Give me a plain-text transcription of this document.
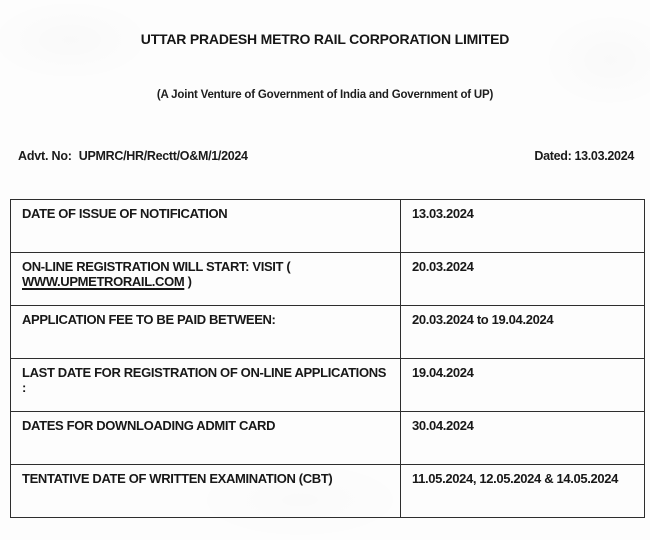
UTTAR PRADESH METRO RAIL CORPORATION LIMITED
(A Joint Venture of Government of India and Government of UP)
Advt. No: UPMRC/HR/Rectt/O&M/1/2024	Dated: 13.03.2024
DATE OF ISSUE OF NOTIFICATION	13.03.2024
ON-LINE REGISTRATION WILL START: VISIT ( WWW.UPMETRORAIL.COM )	20.03.2024
APPLICATION FEE TO BE PAID BETWEEN:	20.03.2024 to 19.04.2024
LAST DATE FOR REGISTRATION OF ON-LINE APPLICATIONS :	19.04.2024
DATES FOR DOWNLOADING ADMIT CARD	30.04.2024
TENTATIVE DATE OF WRITTEN EXAMINATION (CBT)	11.05.2024, 12.05.2024 & 14.05.2024
